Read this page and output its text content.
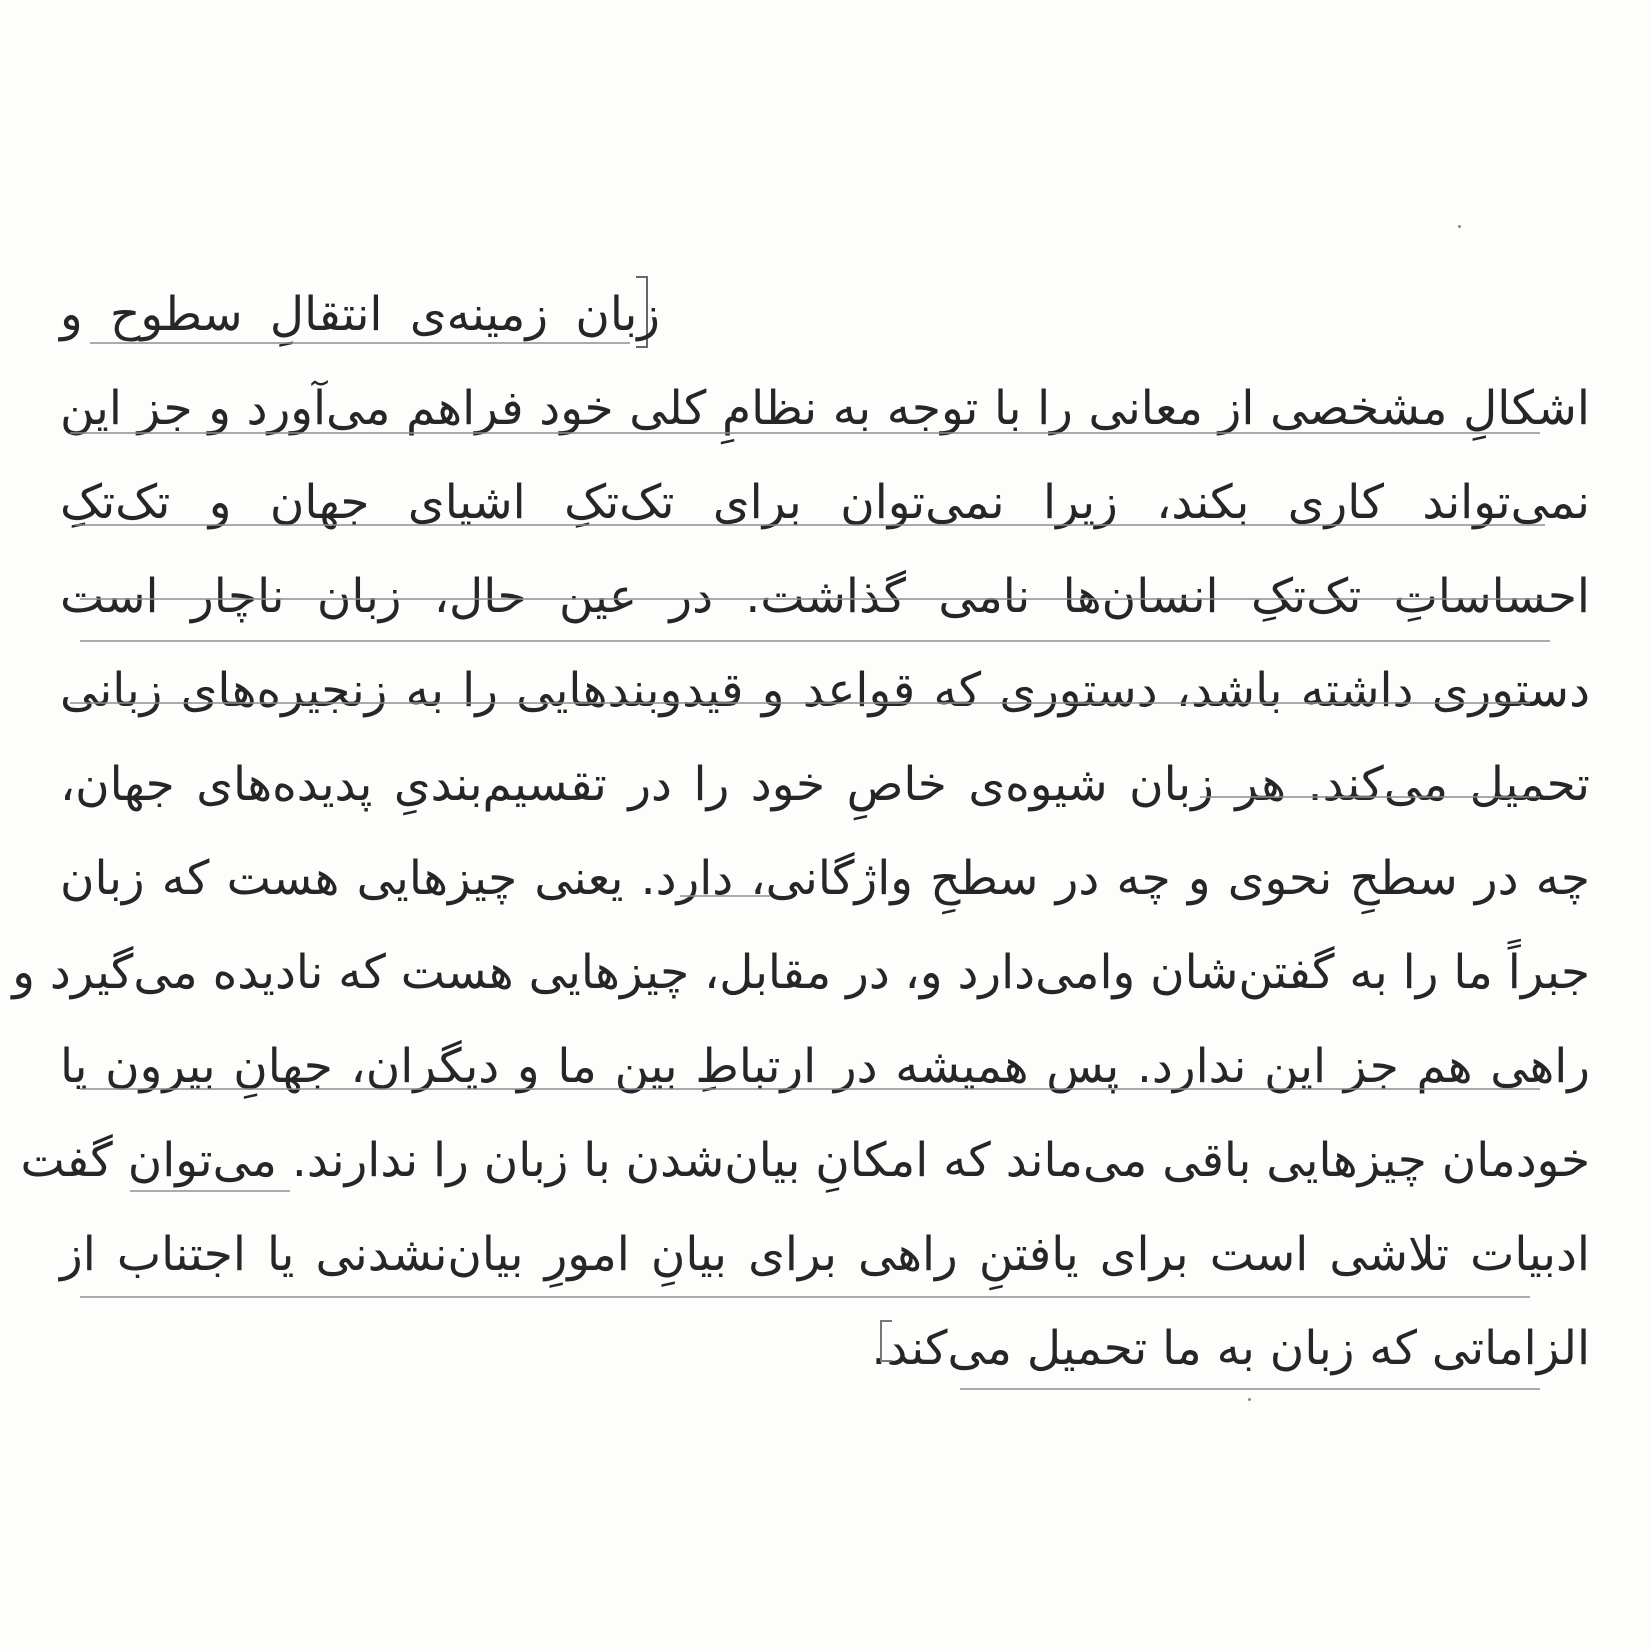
زبان زمینه‌ی انتقالِ سطوح و
اشکالِ مشخصی از معانی را با توجه به نظامِ کلی خود فراهم می‌آورد و جز این
نمی‌تواند کاری بکند، زیرا نمی‌توان برای تک‌تکِ اشیای جهان و تک‌تکِ
احساساتِ تک‌تکِ انسان‌ها نامی گذاشت. در عین حال، زبان ناچار است
دستوری داشته باشد، دستوری که قواعد و قیدوبندهایی را به زنجیره‌های زبانی
تحمیل می‌کند. هر زبان شیوه‌ی خاصِ خود را در تقسیم‌بندیِ پدیده‌های جهان،
چه در سطحِ نحوی و چه در سطحِ واژگانی، دارد. یعنی چیزهایی هست که زبان
جبراً ما را به گفتن‌شان وامی‌دارد و، در مقابل، چیزهایی هست که نادیده می‌گیرد و
راهی هم جز این ندارد. پس همیشه در ارتباطِ بین ما و دیگران، جهانِ بیرون یا
خودمان چیزهایی باقی می‌ماند که امکانِ بیان‌شدن با زبان را ندارند. می‌توان گفت
ادبیات تلاشی است برای یافتنِ راهی برای بیانِ امورِ بیان‌نشدنی یا اجتناب از
الزاماتی که زبان به ما تحمیل می‌کند.
